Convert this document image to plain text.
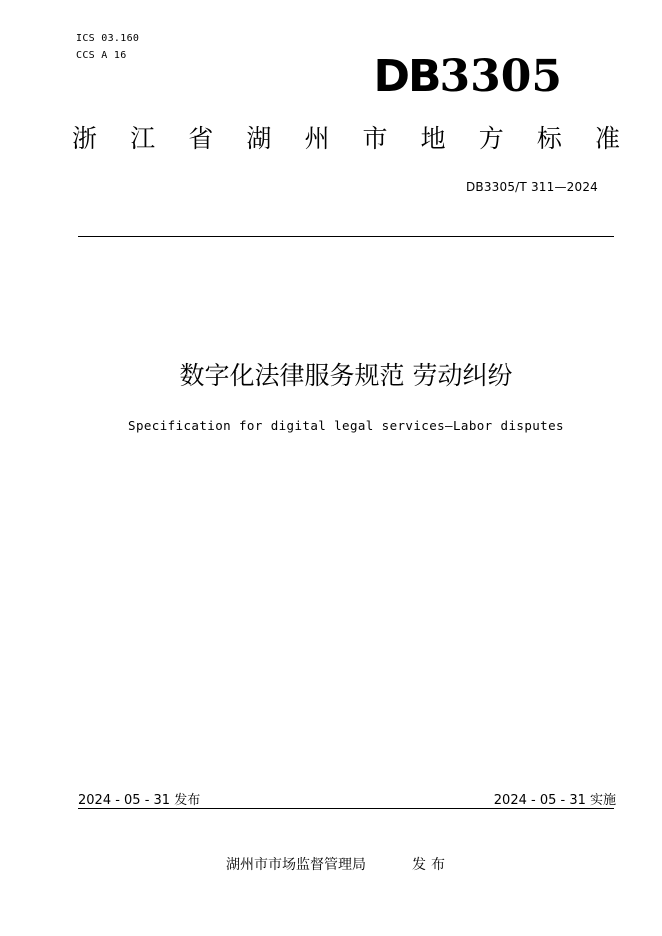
ICS 03.160
CCS A 16	DB3305
浙 江 省 湖 州 市 地 方 标 准
DB3305/T 311—2024
数字化法律服务规范 劳动纠纷
Specification for digital legal services—Labor disputes
2024 - 05 - 31 发布	2024 - 05 - 31 实施
湖州市市场监督管理局	发布
